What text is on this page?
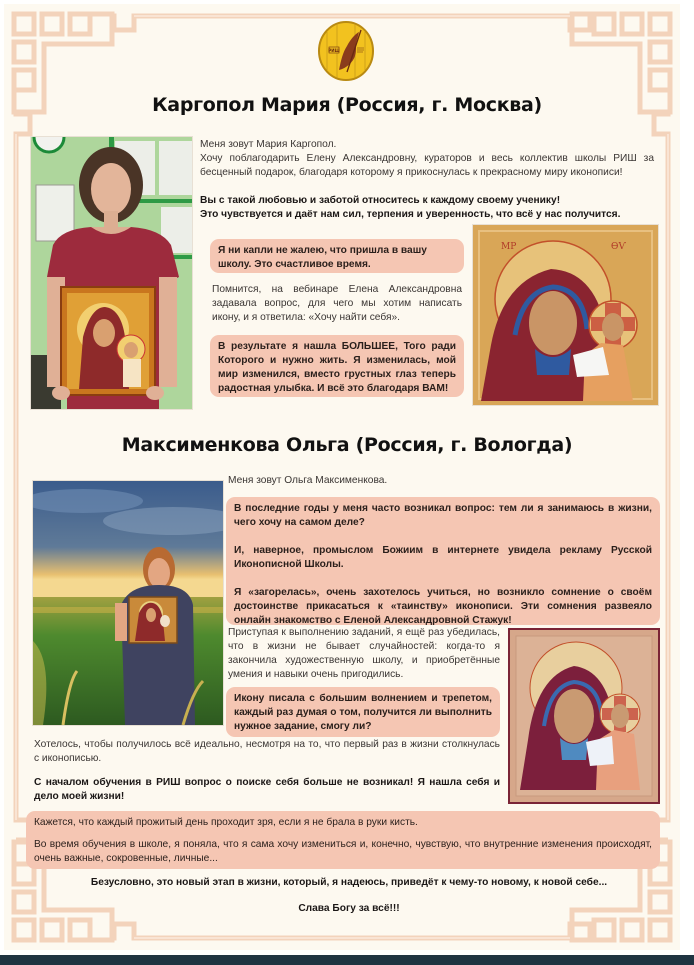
РИШ
Каргопол Мария (Россия, г. Москва)

Меня зовут Мария Каргопол.

Хочу поблагодарить Елену Александровну, кураторов и весь коллектив школы РИШ за бесценный подарок, благодаря которому я прикоснулась к прекрасному миру иконописи!

Вы с такой любовью и заботой относитесь к каждому своему ученику!

Это чувствуется и даёт нам сил, терпения и уверенность, что всё у нас получится.

Я ни капли не жалею, что пришла в вашу школу. Это счастливое время.

Помнится, на вебинаре Елена Александровна задавала вопрос, для чего мы хотим написать икону, и я ответила: «Хочу найти себя».

В результате я нашла БОЛЬШЕЕ, Того ради Которого и нужно жить. Я изменилась, мой мир изменился, вместо грустных глаз теперь радостная улыбка. И всё это благодаря ВАМ!

МР	ѲѴ
Максименкова Ольга (Россия, г. Вологда)

Меня зовут Ольга Максименкова.

В последние годы у меня часто возникал вопрос: тем ли я занимаюсь в жизни, чего хочу на самом деле?

И, наверное, промыслом Божиим в интернете увидела рекламу Русской Иконописной Школы.

Я «загорелась», очень захотелось учиться, но возникло сомнение о своём достоинстве прикасаться к «таинству» иконописи. Эти сомнения развеяло онлайн знакомство с Еленой Александровной Стажук!

Приступая к выполнению заданий, я ещё раз убедилась, что в жизни не бывает случайностей: когда-то я закончила художественную школу, и приобретённые умения и навыки очень пригодились.

Икону писала с большим волнением и трепетом, каждый раз думая о том, получится ли выполнить нужное задание, смогу ли?

Хотелось, чтобы получилось всё идеально, несмотря на то, что первый раз в жизни столкнулась с иконописью.

С началом обучения в РИШ вопрос о поиске себя больше не возникал! Я нашла себя и дело моей жизни!

Кажется, что каждый прожитый день проходит зря, если я не брала в руки кисть.

Во время обучения в школе, я поняла, что я сама хочу измениться и, конечно, чувствую, что внутренние изменения происходят, очень важные, сокровенные, личные...

Безусловно, это новый этап в жизни, который, я надеюсь, приведёт к чему-то новому, к новой себе...

Слава Богу за всё!!!
